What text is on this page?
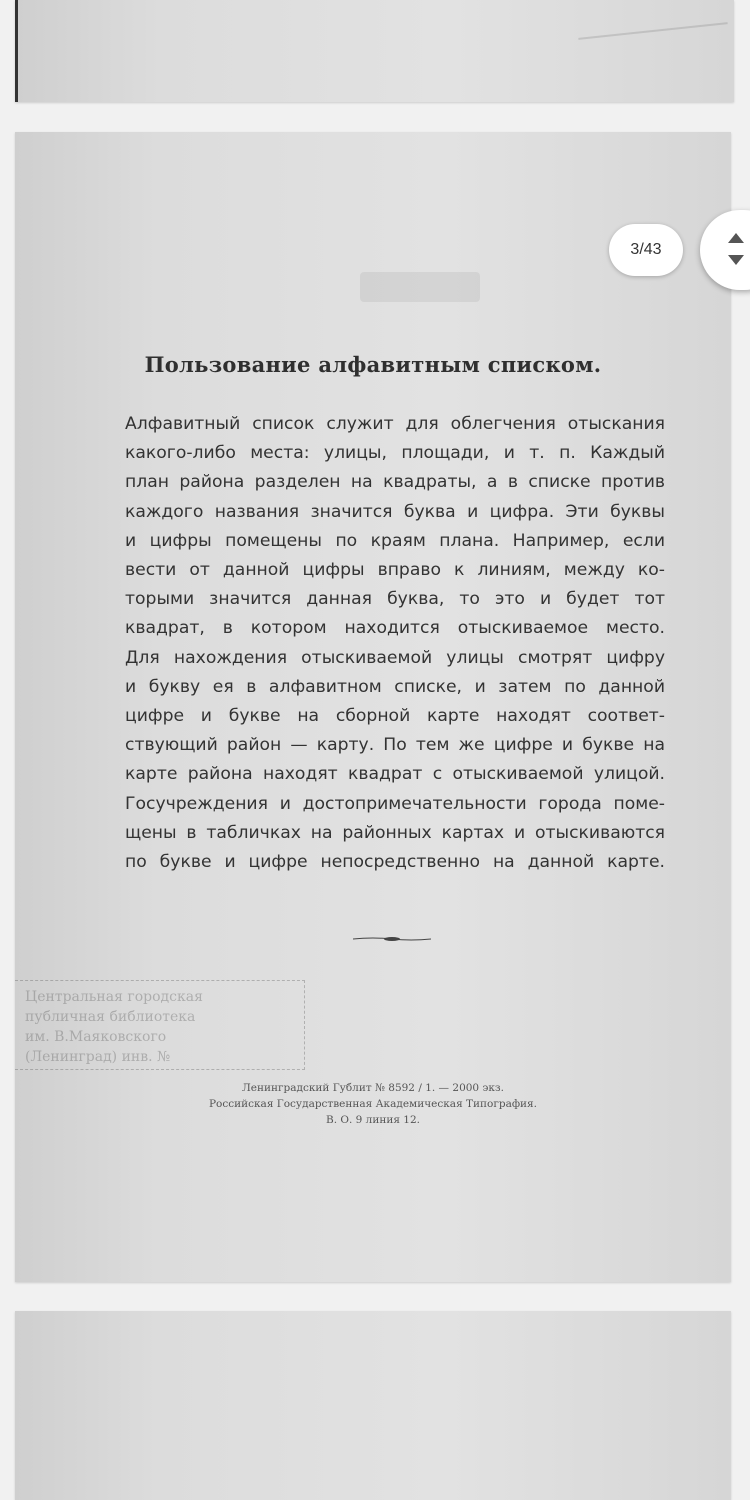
Пользование алфавитным списком.
Алфавитный список служит для облегчения отыскания
какого-либо места: улицы, площади, и т. п. Каждый
план района разделен на квадраты, а в списке против
каждого названия значится буква и цифра. Эти буквы
и цифры помещены по краям плана. Например, если
вести от данной цифры вправо к линиям, между ко-
торыми значится данная буква, то это и будет тот
квадрат, в котором находится отыскиваемое место.
Для нахождения отыскиваемой улицы смотрят цифру
и букву ея в алфавитном списке, и затем по данной
цифре и букве на сборной карте находят соответ-
ствующий район — карту. По тем же цифре и букве на
карте района находят квадрат с отыскиваемой улицой.
Госучреждения и достопримечательности города поме-
щены в табличках на районных картах и отыскиваются
по букве и цифре непосредственно на данной карте.
Центральная городская
публичная библиотека
им. В.Маяковского
(Ленинград) инв. №
Ленинградский Гублит № 8592 / 1. — 2000 экз.
Российская Государственная Академическая Типография.
В. О. 9 линия 12.
3/43
